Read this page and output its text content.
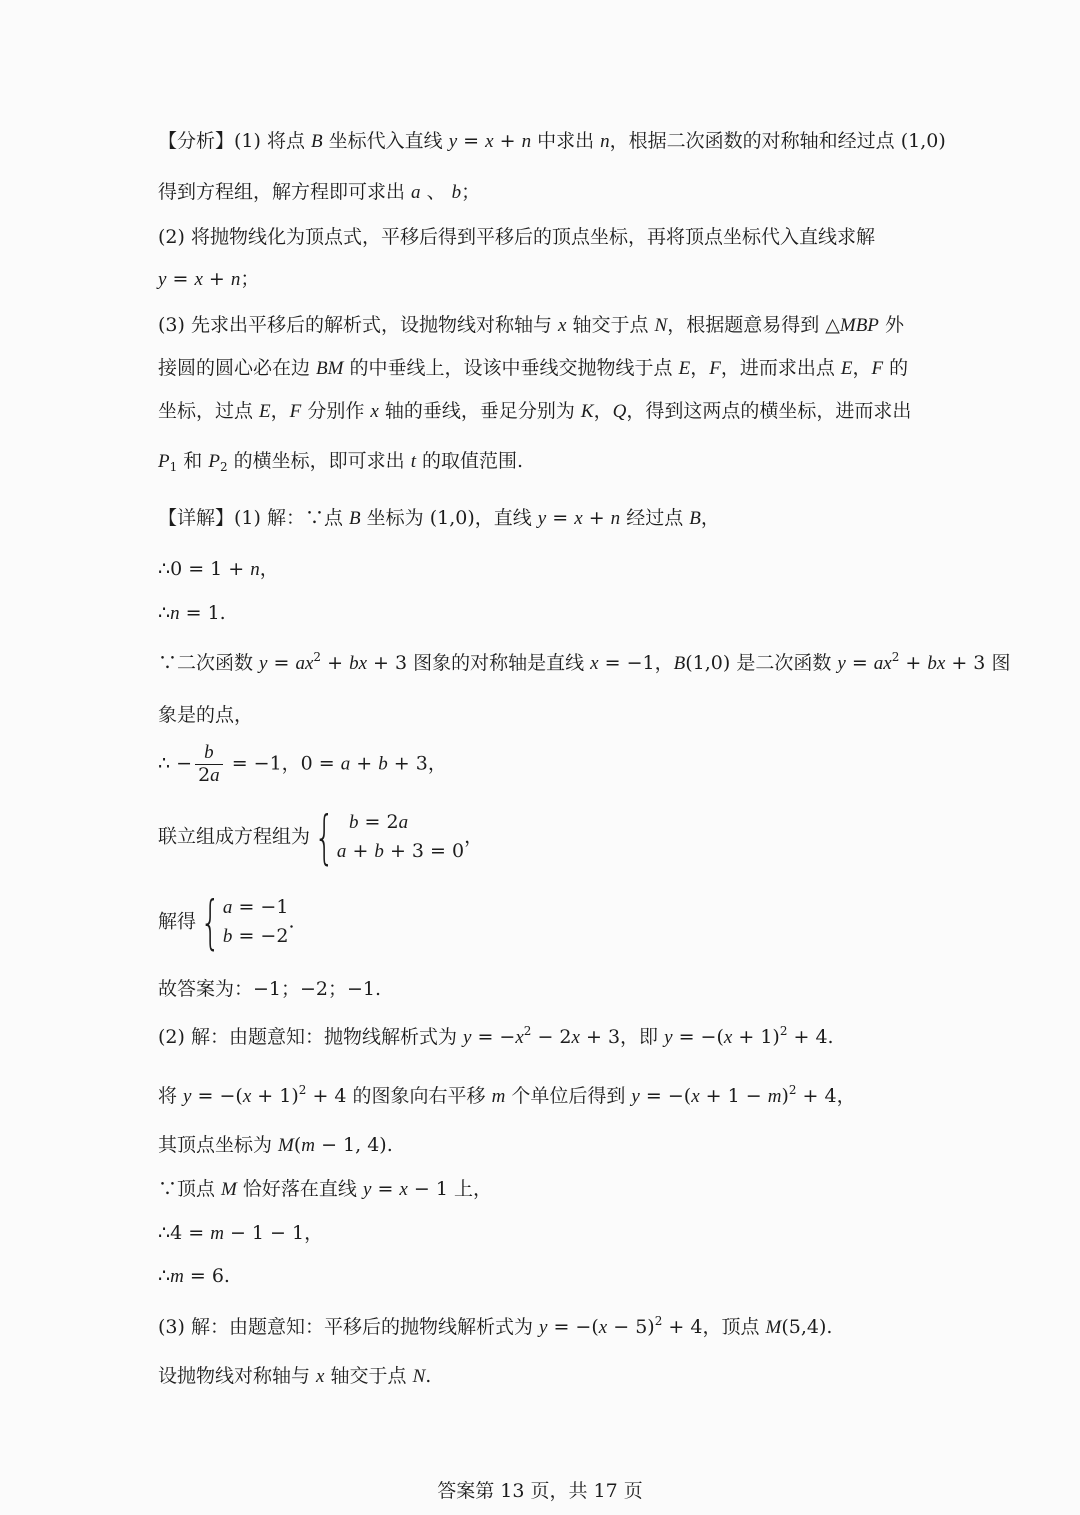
【分析】(1) 将点 B 坐标代入直线 y = x + n 中求出 n，根据二次函数的对称轴和经过点 (1,0)
得到方程组，解方程即可求出 a 、 b；
(2) 将抛物线化为顶点式，平移后得到平移后的顶点坐标，再将顶点坐标代入直线求解
y = x + n；
(3) 先求出平移后的解析式，设抛物线对称轴与 x 轴交于点 N，根据题意易得到 △MBP 外
接圆的圆心必在边 BM 的中垂线上，设该中垂线交抛物线于点 E，F，进而求出点 E，F 的
坐标，过点 E，F 分别作 x 轴的垂线，垂足分别为 K，Q，得到这两点的横坐标，进而求出
$P_1$ 和 $P_2$ 的横坐标，即可求出 t 的取值范围.
【详解】(1) 解：∵点 B 坐标为 (1,0)，直线 y = x + n 经过点 B，
∴0 = 1 + n，
∴n = 1.
∵二次函数 $y = ax^2$ + bx + 3 图象的对称轴是直线 x = −1，B(1,0) 是二次函数 $y = ax^2$ + bx + 3 图
象是的点，
∴ − $\frac{b}{2a} = -1$，0 = a + b + 3，
联立组成方程组为 { b = 2a
a + b + 3 = 0
，
解得 { a = −1
b = −2
.
故答案为：−1；−2；−1.
(2) 解：由题意知：抛物线解析式为 $y = -x^2 - 2x + 3$，即 $y = -(x + 1)^2 + 4$.
将 $y = -(x + 1)^2 + 4$ 的图象向右平移 m 个单位后得到 $y = -(x + 1 - m)^2 + 4$，
其顶点坐标为 M(m − 1, 4).
∵顶点 M 恰好落在直线 y = x − 1 上，
∴4 = m − 1 − 1，
∴m = 6.
(3) 解：由题意知：平移后的抛物线解析式为 $y = -(x - 5)^2 + 4$，顶点 M(5,4).
设抛物线对称轴与 x 轴交于点 N.
答案第 13 页，共 17 页
